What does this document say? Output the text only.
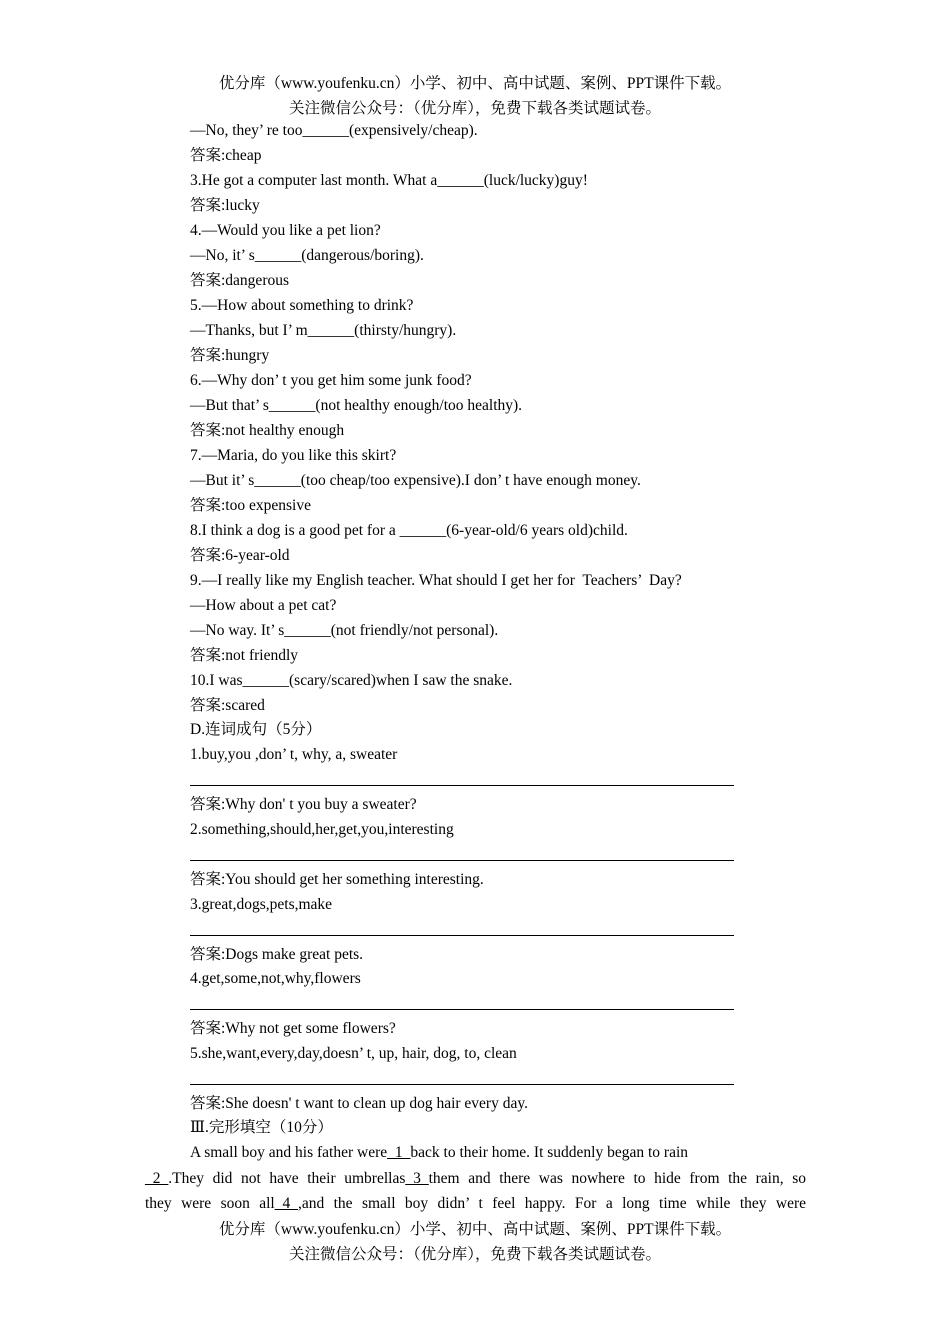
优分库（www.youfenku.cn）小学、初中、高中试题、案例、PPT课件下载。
关注微信公众号：（优分库），免费下载各类试题试卷。
—No, they’ re too______(expensively/cheap).
答案:cheap
3.He got a computer last month. What a______(luck/lucky)guy!
答案:lucky
4.—Would you like a pet lion?
—No, it’ s______(dangerous/boring).
答案:dangerous
5.—How about something to drink?
—Thanks, but I’ m______(thirsty/hungry).
答案:hungry
6.—Why don’ t you get him some junk food?
—But that’ s______(not healthy enough/too healthy).
答案:not healthy enough
7.—Maria, do you like this skirt?
—But it’ s______(too cheap/too expensive).I don’ t have enough money.
答案:too expensive
8.I think a dog is a good pet for a ______(6-year-old/6 years old)child.
答案:6-year-old
9.—I really like my English teacher. What should I get her for  Teachers’  Day?
—How about a pet cat?
—No way. It’ s______(not friendly/not personal).
答案:not friendly
10.I was______(scary/scared)when I saw the snake.
答案:scared
D.连词成句（5分）
1.buy,you ,don’ t, why, a, sweater
答案:Why don' t you buy a sweater?
2.something,should,her,get,you,interesting
答案:You should get her something interesting.
3.great,dogs,pets,make
答案:Dogs make great pets.
4.get,some,not,why,flowers
答案:Why not get some flowers?
5.she,want,every,day,doesn’ t, up, hair, dog, to, clean
答案:She doesn' t want to clean up dog hair every day.
Ⅲ.完形填空（10分）
A small boy and his father were_1_back to their home. It suddenly began to rain
_2_.They did not have their umbrellas_3_them and there was nowhere to hide from the rain, so
they were soon all_4_,and the small boy didn’ t feel happy. For a long time while they were
优分库（www.youfenku.cn）小学、初中、高中试题、案例、PPT课件下载。
关注微信公众号：（优分库），免费下载各类试题试卷。
